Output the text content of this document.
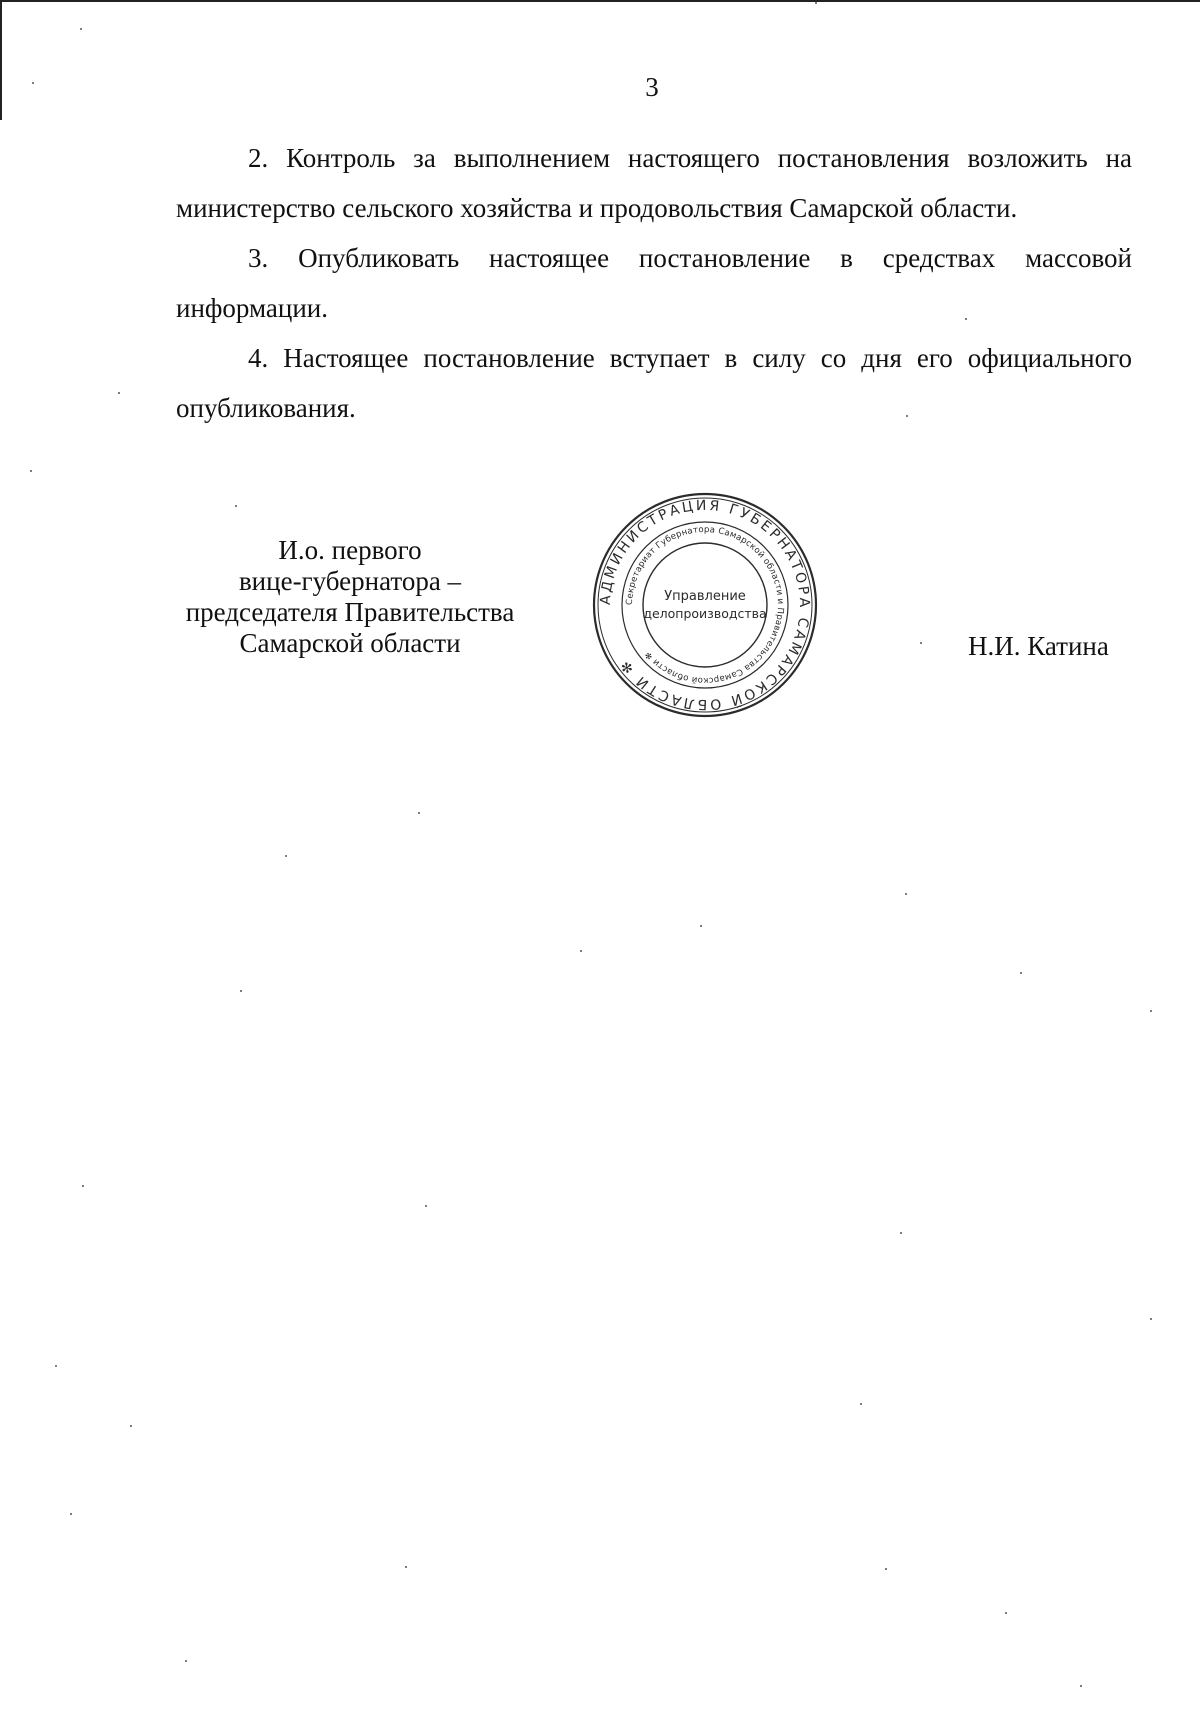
3

2. Контроль за выполнением настоящего постановления возложить на
министерство сельского хозяйства и продовольствия Самарской области.

3. Опубликовать настоящее постановление в средствах массовой
информации.

4. Настоящее постановление вступает в силу со дня его официального
опубликования.

И.о. первого
вице-губернатора –
председателя Правительства
Самарской области
АДМИНИСТРАЦИЯ ГУБЕРНАТОРА САМАРСКОЙ ОБЛАСТИ ✻
Секретариат Губернатора Самарской области и Правительства Самарской области ✻
Управление
делопроизводства
Н.И. Катина
